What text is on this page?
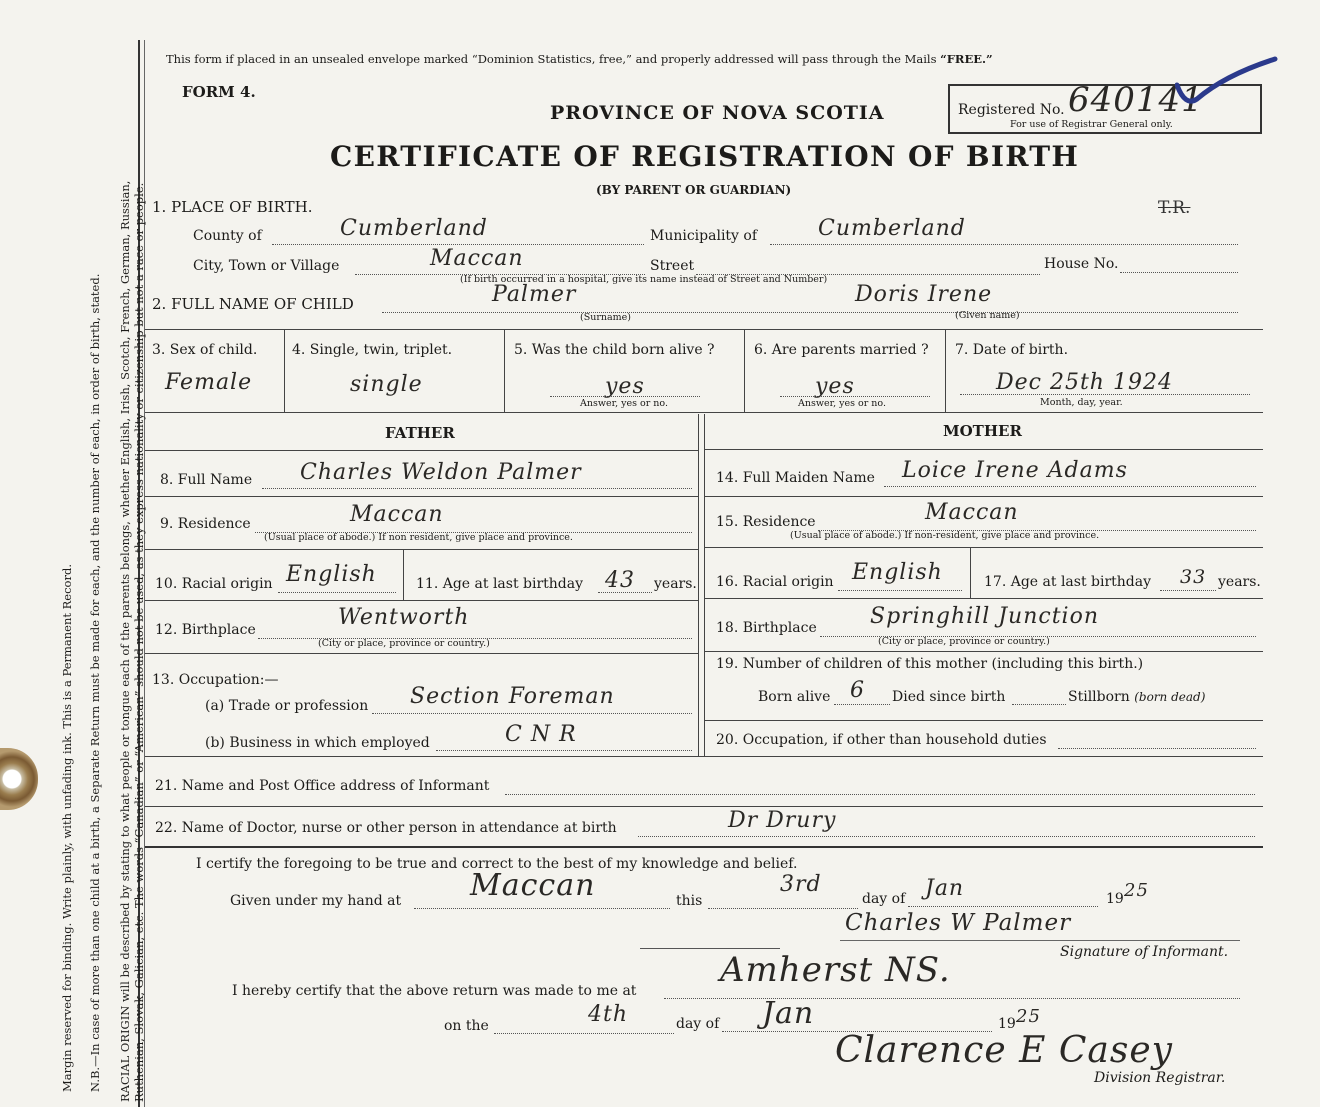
RACIAL ORIGIN will be described by stating to what people or tongue each of the parents belongs, whether English, Irish, Scotch, French, German, Russian, Ruthenian, Slovak, Galician, etc. The words “Canadian” or “American” should not be used, as they express nationality or citizenship but not a race or people.
N.B.—In case of more than one child at a birth, a Separate Return must be made for each, and the number of each, in order of birth, stated.
Margin reserved for binding. Write plainly, with unfading ink. This is a Permanent Record.
This form if placed in an unsealed envelope marked “Dominion Statistics, free,” and properly addressed will pass through the Mails “FREE.”
FORM 4.
PROVINCE OF NOVA SCOTIA
CERTIFICATE OF REGISTRATION OF BIRTH
(BY PARENT OR GUARDIAN)
Registered No. 640141
For use of Registrar General only.
1. PLACE OF BIRTH.	T.R.
County of	Cumberland	Municipality of	Cumberland
City, Town or Village	Maccan	Street	House No.
(If birth occurred in a hospital, give its name instead of Street and Number)
2. FULL NAME OF CHILD	Palmer
(Surname)
Doris Irene
(Given name)
3. Sex of child.
Female
4. Single, twin, triplet.
single
5. Was the child born alive ?
yes
Answer, yes or no.
6. Are parents married ?
yes
Answer, yes or no.
7. Date of birth.
Dec 25th 1924
Month, day, year.
FATHER	MOTHER
8. Full Name Charles Weldon Palmer
9. Residence	Maccan
(Usual place of abode.) If non resident, give place and province.
10. Racial origin English	11. Age at last birthday 43 years.
12. Birthplace	Wentworth
(City or place, province or country.)
13. Occupation:—
(a) Trade or profession Section Foreman
(b) Business in which employed	C N R
14. Full Maiden Name Loice Irene Adams
15. Residence	Maccan
(Usual place of abode.) If non-resident, give place and province.
16. Racial origin English	17. Age at last birthday 33 years.
18. Birthplace Springhill Junction
(City or place, province or country.)
19. Number of children of this mother (including this birth.)
Born alive 6 Died since birth	Stillborn (born dead)
20. Occupation, if other than household duties
21. Name and Post Office address of Informant
22. Name of Doctor, nurse or other person in attendance at birth	Dr Drury
I certify the foregoing to be true and correct to the best of my knowledge and belief.
Given under my hand at Maccan	this
3rd
day of Jan	19 25
Charles W Palmer
Signature of Informant.
I hereby certify that the above return was made to me at
Amherst NS.
on the	4th	day of Jan	19 25
Clarence E Casey
Division Registrar.
